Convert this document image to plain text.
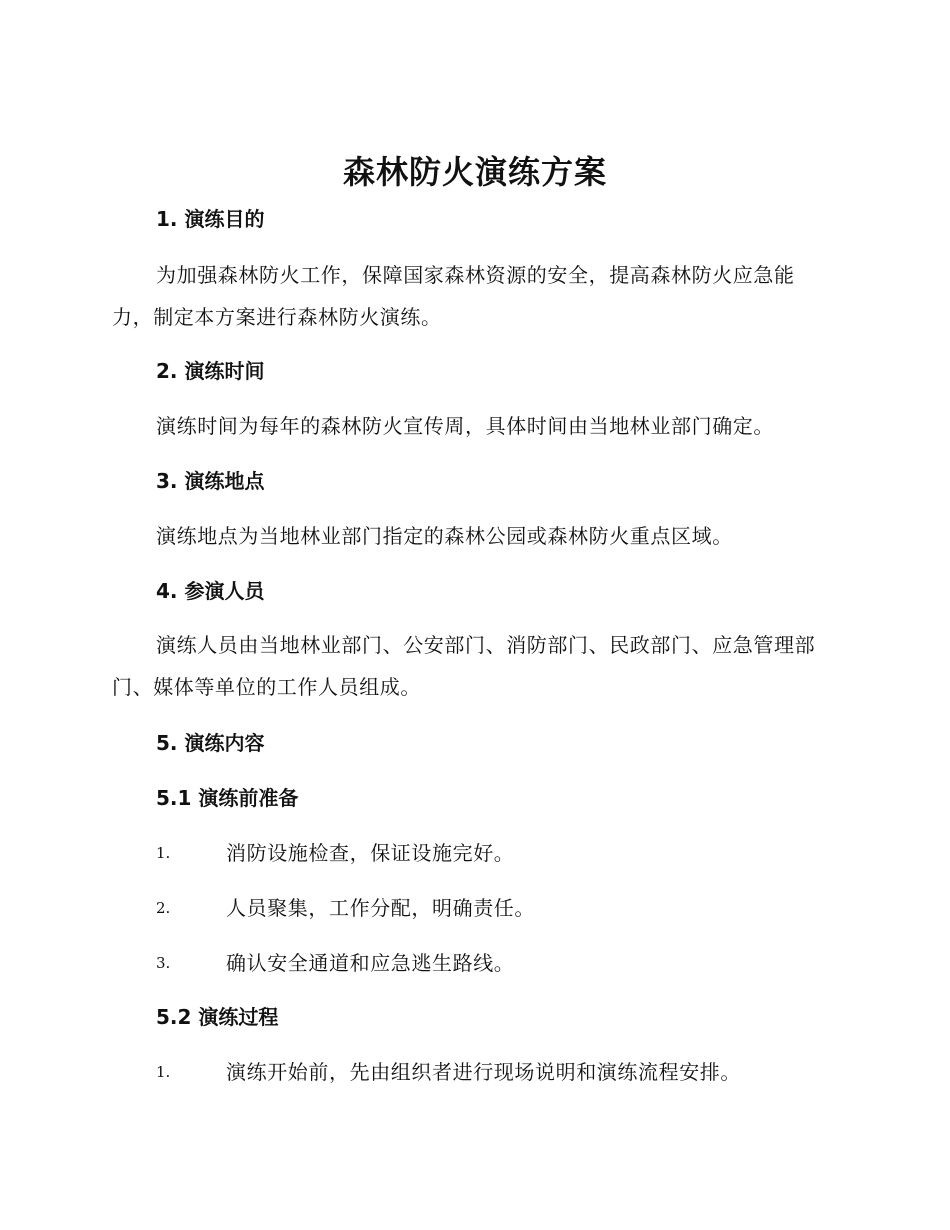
森林防火演练方案
1. 演练目的
为加强森林防火工作，保障国家森林资源的安全，提高森林防火应急能力，制定本方案进行森林防火演练。
2. 演练时间
演练时间为每年的森林防火宣传周，具体时间由当地林业部门确定。
3. 演练地点
演练地点为当地林业部门指定的森林公园或森林防火重点区域。
4. 参演人员
演练人员由当地林业部门、公安部门、消防部门、民政部门、应急管理部门、媒体等单位的工作人员组成。
5. 演练内容
5.1 演练前准备
1.	消防设施检查，保证设施完好。
2.	人员聚集，工作分配，明确责任。
3.	确认安全通道和应急逃生路线。
5.2 演练过程
1.	演练开始前，先由组织者进行现场说明和演练流程安排。
